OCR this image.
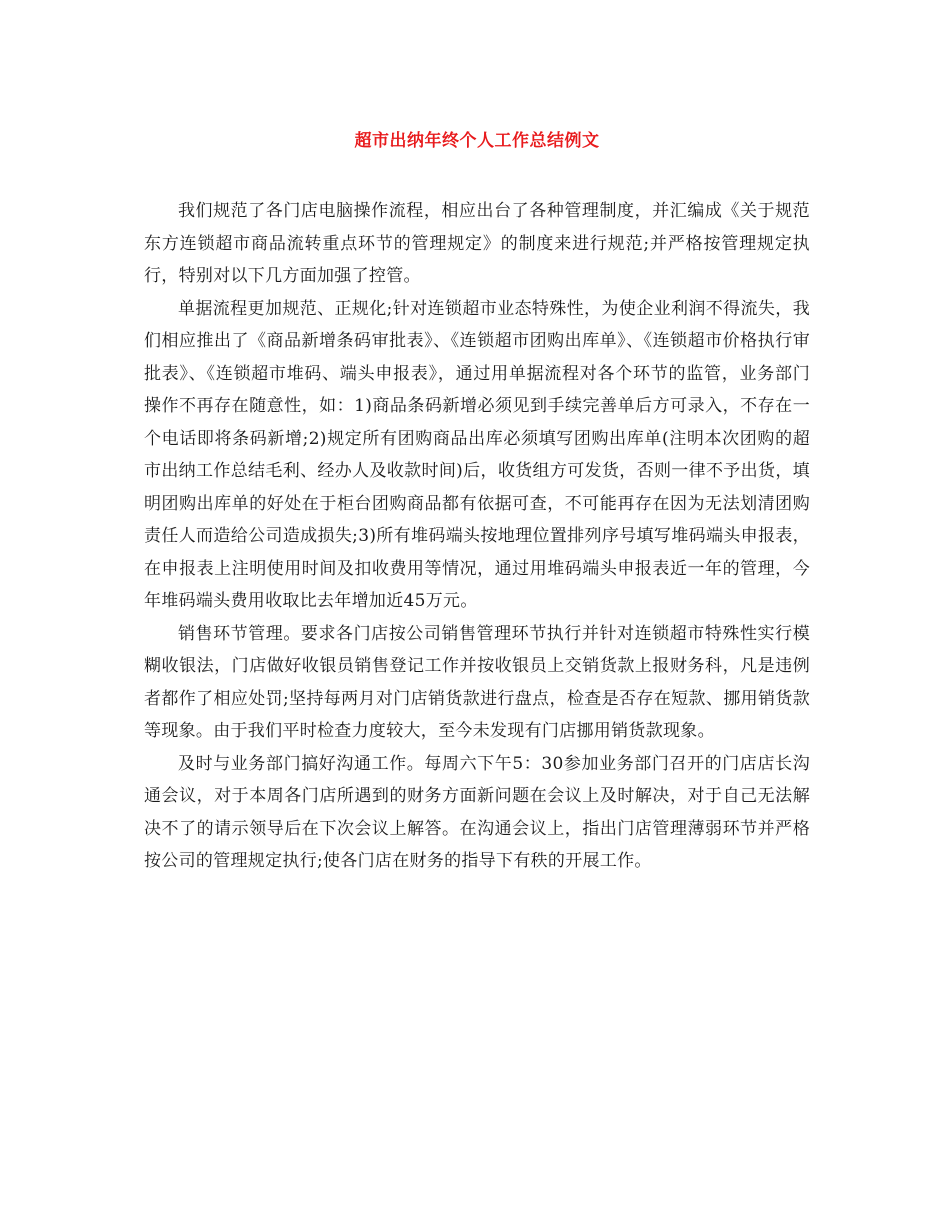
超市出纳年终个人工作总结例文

我们规范了各门店电脑操作流程，相应出台了各种管理制度，并汇编成《关于规范东方连锁超市商品流转重点环节的管理规定》的制度来进行规范;并严格按管理规定执行，特别对以下几方面加强了控管。

单据流程更加规范、正规化;针对连锁超市业态特殊性，为使企业利润不得流失，我们相应推出了《商品新增条码审批表》、《连锁超市团购出库单》、《连锁超市价格执行审批表》、《连锁超市堆码、端头申报表》，通过用单据流程对各个环节的监管，业务部门操作不再存在随意性，如：1)商品条码新增必须见到手续完善单后方可录入，不存在一个电话即将条码新增;2)规定所有团购商品出库必须填写团购出库单(注明本次团购的超市出纳工作总结毛利、经办人及收款时间)后，收货组方可发货，否则一律不予出货，填明团购出库单的好处在于柜台团购商品都有依据可查，不可能再存在因为无法划清团购责任人而造给公司造成损失;3)所有堆码端头按地理位置排列序号填写堆码端头申报表，在申报表上注明使用时间及扣收费用等情况，通过用堆码端头申报表近一年的管理，今年堆码端头费用收取比去年增加近45万元。

销售环节管理。要求各门店按公司销售管理环节执行并针对连锁超市特殊性实行模糊收银法，门店做好收银员销售登记工作并按收银员上交销货款上报财务科，凡是违例者都作了相应处罚;坚持每两月对门店销货款进行盘点，检查是否存在短款、挪用销货款等现象。由于我们平时检查力度较大，至今未发现有门店挪用销货款现象。

及时与业务部门搞好沟通工作。每周六下午5：30参加业务部门召开的门店店长沟通会议，对于本周各门店所遇到的财务方面新问题在会议上及时解决，对于自己无法解决不了的请示领导后在下次会议上解答。在沟通会议上，指出门店管理薄弱环节并严格按公司的管理规定执行;使各门店在财务的指导下有秩的开展工作。
